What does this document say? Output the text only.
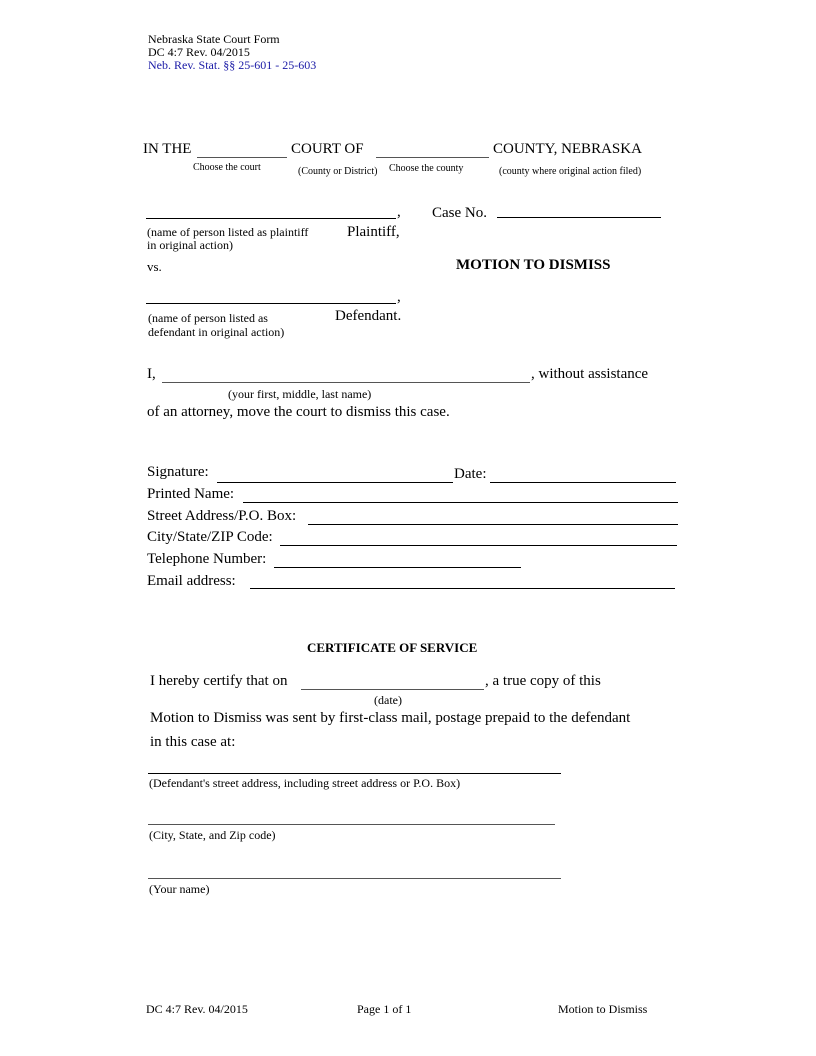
Nebraska State Court Form
DC 4:7 Rev. 04/2015
Neb. Rev. Stat. §§ 25-601 - 25-603
IN THE	COURT OF	COUNTY, NEBRASKA
Choose the court	(County or District) Choose the county	(county where original action filed)
, Case No.
(name of person listed as plaintiff
in original action)
Plaintiff,
vs.	MOTION TO DISMISS
,
(name of person listed as
defendant in original action)
Defendant.
I,	, without assistance
(your first, middle, last name)
of an attorney, move the court to dismiss this case.
Signature:	Date:
Printed Name:
Street Address/P.O. Box:
City/State/ZIP Code:
Telephone Number:
Email address:
CERTIFICATE OF SERVICE
I hereby certify that on	, a true copy of this
(date)
Motion to Dismiss was sent by first-class mail, postage prepaid to the defendant
in this case at:
(Defendant's street address, including street address or P.O. Box)
(City, State, and Zip code)
(Your name)
DC 4:7 Rev. 04/2015	Page 1 of 1	Motion to Dismiss
